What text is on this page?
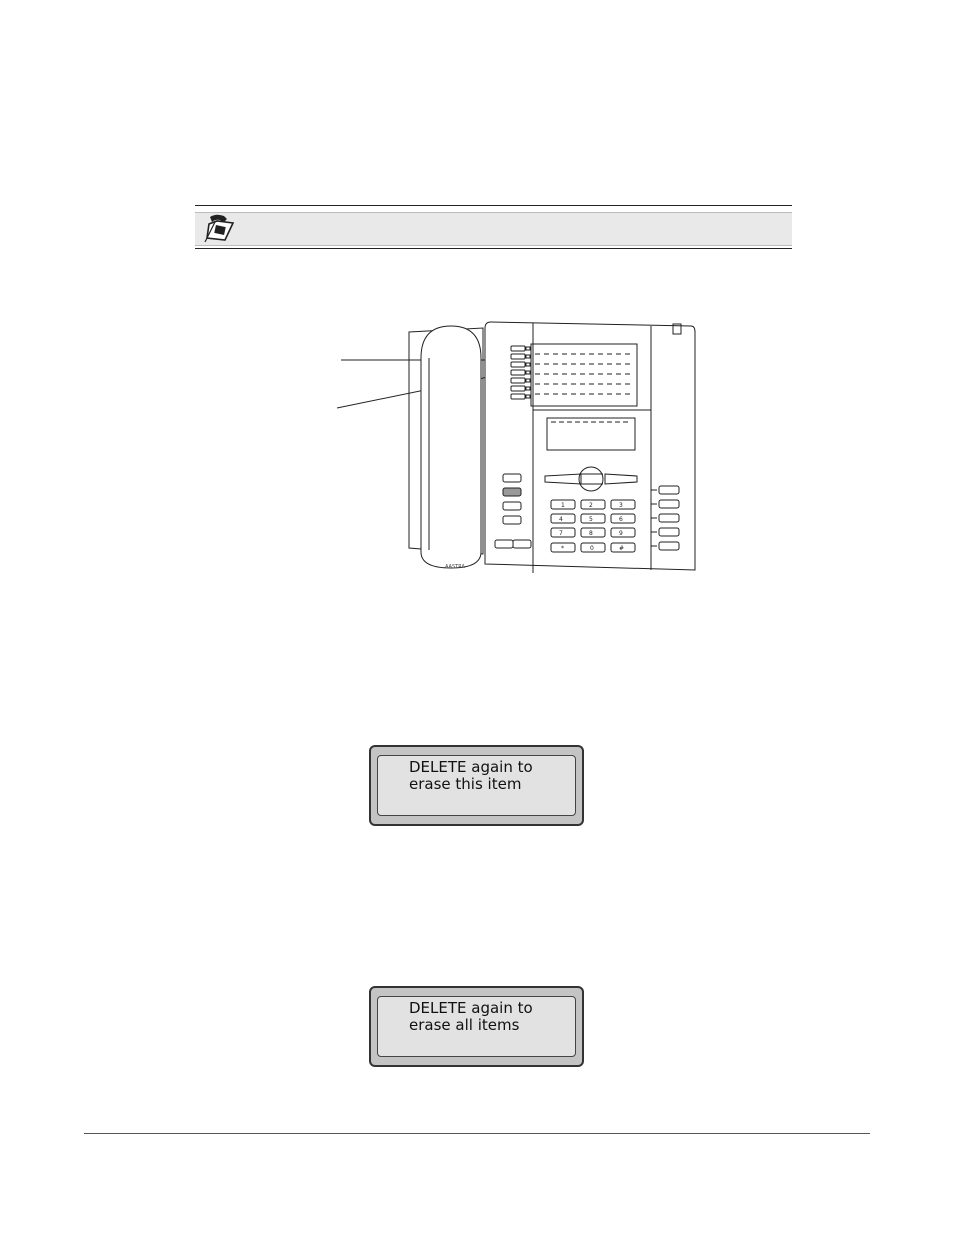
AASTRA
1	2	3
4	5	6
7	8	9
*	0	#
DELETE again to
erase this item
DELETE again to
erase all items
